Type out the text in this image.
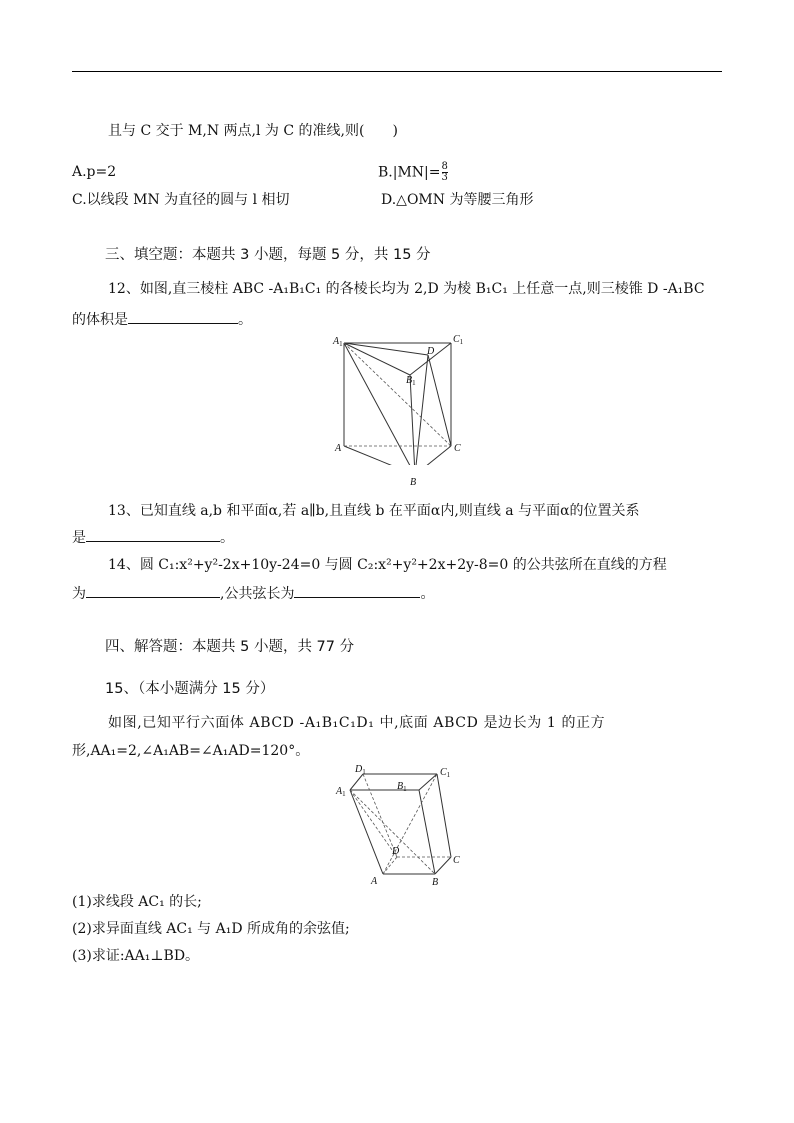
且与 C 交于 M,N 两点,l 为 C 的准线,则(　　)
A.p=2	$B.|MN|= \frac{8}{3}$
C.以线段 MN 为直径的圆与 l 相切	D.△OMN 为等腰三角形
三、填空题：本题共 3 小题，每题 5 分，共 15 分
12、如图,直三棱柱 ABC -A₁B₁C₁ 的各棱长均为 2,D 为棱 B₁C₁ 上任意一点,则三棱锥 D -A₁BC
的体积是	。
$A_1$	$C_1$
D
$B_1$
A	C
B
13、已知直线 a,b 和平面α,若 a∥b,且直线 b 在平面α内,则直线 a 与平面α的位置关系
是	。
14、圆 C₁:x²+y²-2x+10y-24=0 与圆 C₂:x²+y²+2x+2y-8=0 的公共弦所在直线的方程
为	,公共弦长为	。
四、解答题：本题共 5 小题，共 77 分
15、（本小题满分 15 分）
如图,已知平行六面体 ABCD -A₁B₁C₁D₁ 中,底面 ABCD 是边长为 1 的正方
形,AA₁=2,∠A₁AB=∠A₁AD=120°。
$D_1$	$C_1$
$A_1$
$B_1$
D
C
A	B
(1)求线段 AC₁ 的长;
(2)求异面直线 AC₁ 与 A₁D 所成角的余弦值;
(3)求证:AA₁⊥BD。
